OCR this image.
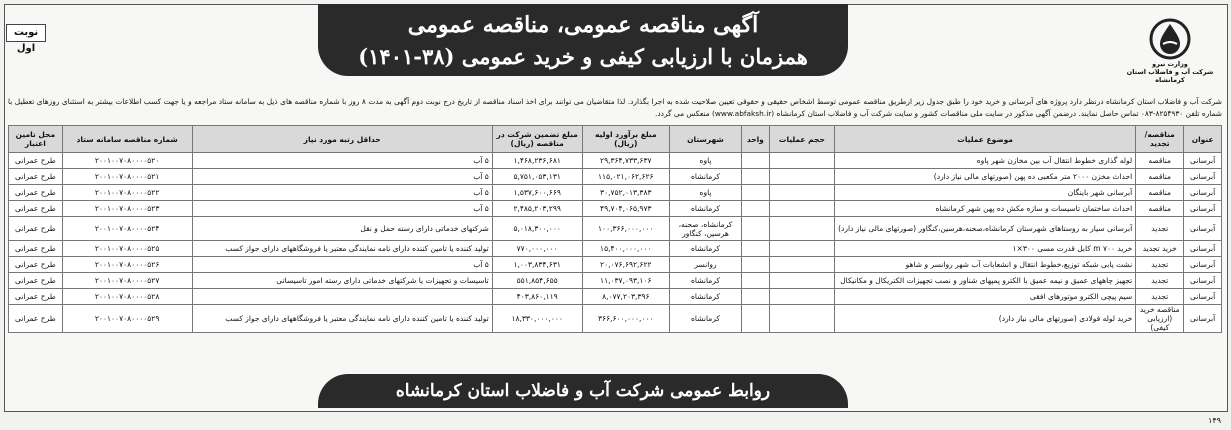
نوبت اول
آگهی مناقصه عمومی، مناقصه عمومی
همزمان با ارزیابی کیفی و خرید عمومی (۳۸-۱۴۰۱)	وزارت نیرو
شرکت آب و فاضلاب استان کرمانشاه
شرکت آب و فاضلاب استان کرمانشاه درنظر دارد پروژه های آبرسانی و خرید خود را طبق جدول زیر ازطریق مناقصه عمومی توسط اشخاص حقیقی و حقوقی تعیین صلاحیت شده به اجرا بگذارد. لذا متقاضیان می توانند برای اخذ اسناد مناقصه از تاریخ درج نوبت دوم آگهی به مدت ۸ روز با شماره مناقصه های ذیل به سامانه ستاد مراجعه و یا جهت کسب اطلاعات بیشتر به استثنای روزهای تعطیل با شماره تلفن ۸۲۵۴۹۳۰-۰۸۳ تماس حاصل نمایند. درضمن آگهی مذکور در سایت ملی مناقصات کشور و سایت شرکت آب و فاضلاب استان کرمانشاه (www.abfaksh.ir) منعکس می گردد.
عنوان	مناقصه/ تجدید	موضوع عملیات	حجم عملیات	واحد	شهرستان	مبلغ برآورد اولیه (ریال)	مبلغ تضمین شرکت در مناقصه (ریال)	حداقل رتبه مورد نیاز	شماره مناقصه سامانه ستاد	محل تامین اعتبار
آبرسانی	مناقصه	لوله گذاری خطوط انتقال آب بین مخازن شهر پاوه			پاوه	۲۹,۳۶۴,۷۳۳,۶۳۷	۱,۴۶۸,۲۳۶,۶۸۱	۵ آب	۲۰۰۱۰۰۷۰۸۰۰۰۰۵۲۰	طرح عمرانی
آبرسانی	مناقصه	احداث مخزن ۲۰۰۰ متر مکعبی ده پهن (صورتهای مالی نیاز دارد)			کرمانشاه	۱۱۵,۰۲۱,۰۶۲,۶۲۶	۵,۷۵۱,۰۵۳,۱۳۱	۵ آب	۲۰۰۱۰۰۷۰۸۰۰۰۰۵۲۱	طرح عمرانی
آبرسانی	مناقصه	آبرسانی شهر باینگان			پاوه	۳۰,۷۵۲,۰۱۳,۳۸۳	۱,۵۳۷,۶۰۰,۶۶۹	۵ آب	۲۰۰۱۰۰۷۰۸۰۰۰۰۵۲۲	طرح عمرانی
آبرسانی	مناقصه	احداث ساختمان تاسیسات و سازه مکش ده پهن شهر کرمانشاه			کرمانشاه	۴۹,۷۰۴,۰۶۵,۹۷۳	۲,۴۸۵,۲۰۳,۲۹۹	۵ آب	۲۰۰۱۰۰۷۰۸۰۰۰۰۵۲۳	طرح عمرانی
آبرسانی	تجدید	آبرسانی سیار به روستاهای شهرستان کرمانشاه،صحنه،هرسین،کنگاور (صورتهای مالی نیاز دارد)			کرمانشاه، صحنه، هرسین، کنگاور	۱۰۰,۳۶۶,۰۰۰,۰۰۰	۵,۰۱۸,۳۰۰,۰۰۰	شرکتهای خدماتی دارای رسته حمل و نقل	۲۰۰۱۰۰۷۰۸۰۰۰۰۵۲۴	طرح عمرانی
آبرسانی	خرید تجدید	خرید ۷۰۰ m کابل قدرت مسی ۳۰۰×۱			کرمانشاه	۱۵,۴۰۰,۰۰۰,۰۰۰	۷۷۰,۰۰۰,۰۰۰	تولید کننده یا تامین کننده دارای نامه نمایندگی معتبر یا فروشگاههای دارای جواز کسب	۲۰۰۱۰۰۷۰۸۰۰۰۰۵۲۵	طرح عمرانی
آبرسانی	تجدید	نشت یابی شبکه توزیع،خطوط انتقال و انشعابات آب شهر روانسر و شاهو			روانسر	۲۰,۰۷۶,۶۹۲,۶۲۲	۱,۰۰۳,۸۳۴,۶۳۱	۵ آب	۲۰۰۱۰۰۷۰۸۰۰۰۰۵۲۶	طرح عمرانی
آبرسانی	تجدید	تجهیز چاههای عمیق و نیمه عمیق با الکترو پمپهای شناور و نصب تجهیزات الکتریکال و مکانیکال			کرمانشاه	۱۱,۰۳۷,۰۹۳,۱۰۶	۵۵۱,۸۵۴,۶۵۵	تاسیسات و تجهیزات یا شرکتهای خدماتی دارای رسته امور تاسیساتی	۲۰۰۱۰۰۷۰۸۰۰۰۰۵۲۷	طرح عمرانی
آبرسانی	تجدید	سیم پیچی الکترو موتورهای افقی			کرمانشاه	۸,۰۷۷,۲۰۳,۳۹۶	۴۰۳,۸۶۰,۱۱۹		۲۰۰۱۰۰۷۰۸۰۰۰۰۵۲۸	طرح عمرانی
آبرسانی	مناقصه خرید (ارزیابی کیفی)	خرید لوله فولادی (صورتهای مالی نیاز دارد)			کرمانشاه	۳۶۶,۶۰۰,۰۰۰,۰۰۰	۱۸,۳۳۰,۰۰۰,۰۰۰	تولید کننده یا تامین کننده دارای نامه نمایندگی معتبر یا فروشگاههای دارای جواز کسب	۲۰۰۱۰۰۷۰۸۰۰۰۰۵۲۹	طرح عمرانی
روابط عمومی شرکت آب و فاضلاب استان کرمانشاه
۱۴۹
